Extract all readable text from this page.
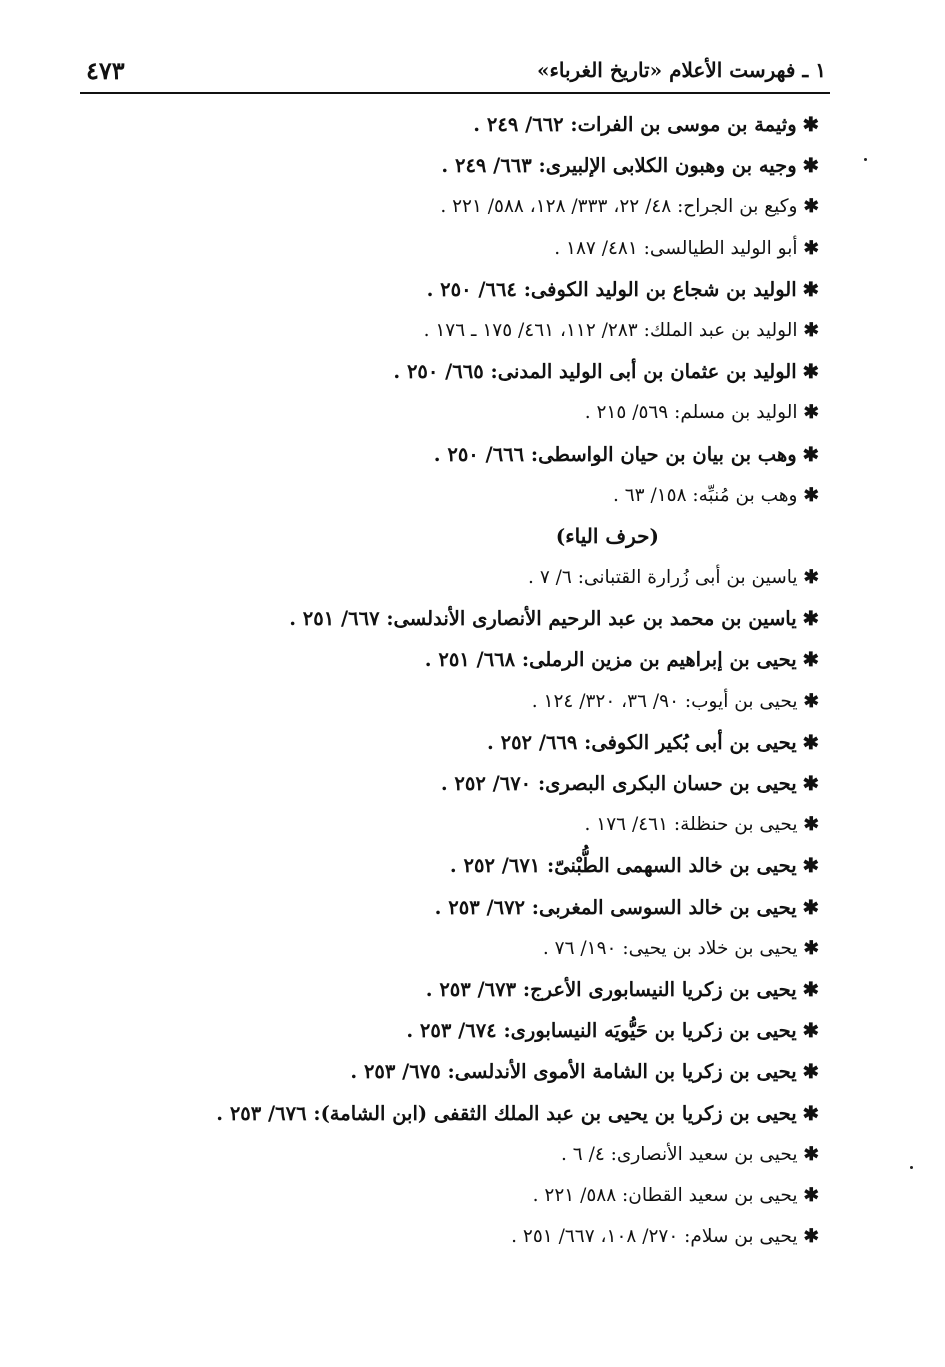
٤٧٣	١ ـ فهرست الأعلام «تاريخ الغرباء»
✱وثيمة بن موسى بن الفرات: ٦٦٢/ ٢٤٩ .
✱وجيه بن وهبون الكلابى الإلبيرى: ٦٦٣/ ٢٤٩ .
✱وكيع بن الجراح: ٤٨/ ٢٢، ٣٣٣/ ١٢٨، ٥٨٨/ ٢٢١ .
✱أبو الوليد الطيالسى: ٤٨١/ ١٨٧ .
✱الوليد بن شجاع بن الوليد الكوفى: ٦٦٤/ ٢٥٠ .
✱الوليد بن عبد الملك: ٢٨٣/ ١١٢، ٤٦١/ ١٧٥ ـ ١٧٦ .
✱الوليد بن عثمان بن أبى الوليد المدنى: ٦٦٥/ ٢٥٠ .
✱الوليد بن مسلم: ٥٦٩/ ٢١٥ .
✱وهب بن بيان بن حيان الواسطى: ٦٦٦/ ٢٥٠ .
✱وهب بن مُنبِّه: ١٥٨/ ٦٣ .
(حرف الياء)
✱ياسين بن أبى زُرارة القتبانى: ٦/ ٧ .
✱ياسين بن محمد بن عبد الرحيم الأنصارى الأندلسى: ٦٦٧/ ٢٥١ .
✱يحيى بن إبراهيم بن مزين الرملى: ٦٦٨/ ٢٥١ .
✱يحيى بن أيوب: ٩٠/ ٣٦، ٣٢٠/ ١٢٤ .
✱يحيى بن أبى بُكير الكوفى: ٦٦٩/ ٢٥٢ .
✱يحيى بن حسان البكرى البصرى: ٦٧٠/ ٢٥٢ .
✱يحيى بن حنظلة: ٤٦١/ ١٧٦ .
✱يحيى بن خالد السهمى الطُّبْنىّ: ٦٧١/ ٢٥٢ .
✱يحيى بن خالد السوسى المغربى: ٦٧٢/ ٢٥٣ .
✱يحيى بن خلاد بن يحيى: ١٩٠/ ٧٦ .
✱يحيى بن زكريا النيسابورى الأعرج: ٦٧٣/ ٢٥٣ .
✱يحيى بن زكريا بن حَيُّويَه النيسابورى: ٦٧٤/ ٢٥٣ .
✱يحيى بن زكريا بن الشامة الأموى الأندلسى: ٦٧٥/ ٢٥٣ .
✱يحيى بن زكريا بن يحيى بن عبد الملك الثقفى (ابن الشامة): ٦٧٦/ ٢٥٣ .
✱يحيى بن سعيد الأنصارى: ٤/ ٦ .
✱يحيى بن سعيد القطان: ٥٨٨/ ٢٢١ .
✱يحيى بن سلام: ٢٧٠/ ١٠٨، ٦٦٧/ ٢٥١ .
